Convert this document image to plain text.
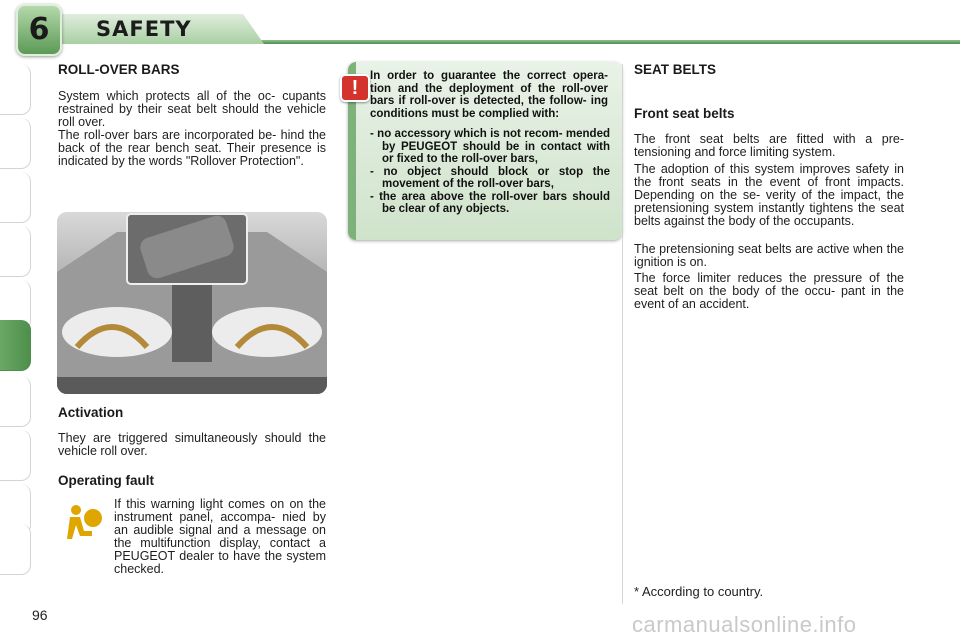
6	SAFETY
ROLL-OVER BARS
System which protects all of the oc- cupants restrained by their seat belt should the vehicle roll over.
The roll-over bars are incorporated be- hind the back of the rear bench seat. Their presence is indicated by the words "Rollover Protection".
Activation
They are triggered simultaneously should the vehicle roll over.
Operating fault
If this warning light comes on on the instrument panel, accompa- nied by an audible signal and a message on the multifunction display, contact a PEUGEOT dealer to have the system checked.
!
In order to guarantee the correct opera- tion and the deployment of the roll-over bars if roll-over is detected, the follow- ing conditions must be complied with:
- no accessory which is not recom- mended by PEUGEOT should be in contact with or fixed to the roll-over bars,
- no object should block or stop the movement of the roll-over bars,
- the area above the roll-over bars should be clear of any objects.
SEAT BELTS
Front seat belts
The front seat belts are fitted with a pre- tensioning and force limiting system.
The adoption of this system improves safety in the front seats in the event of front impacts. Depending on the se- verity of the impact, the pretensioning system instantly tightens the seat belts against the body of the occupants.
The pretensioning seat belts are active when the ignition is on.
The force limiter reduces the pressure of the seat belt on the body of the occu- pant in the event of an accident.
* According to country.
96	carmanualsonline.info
